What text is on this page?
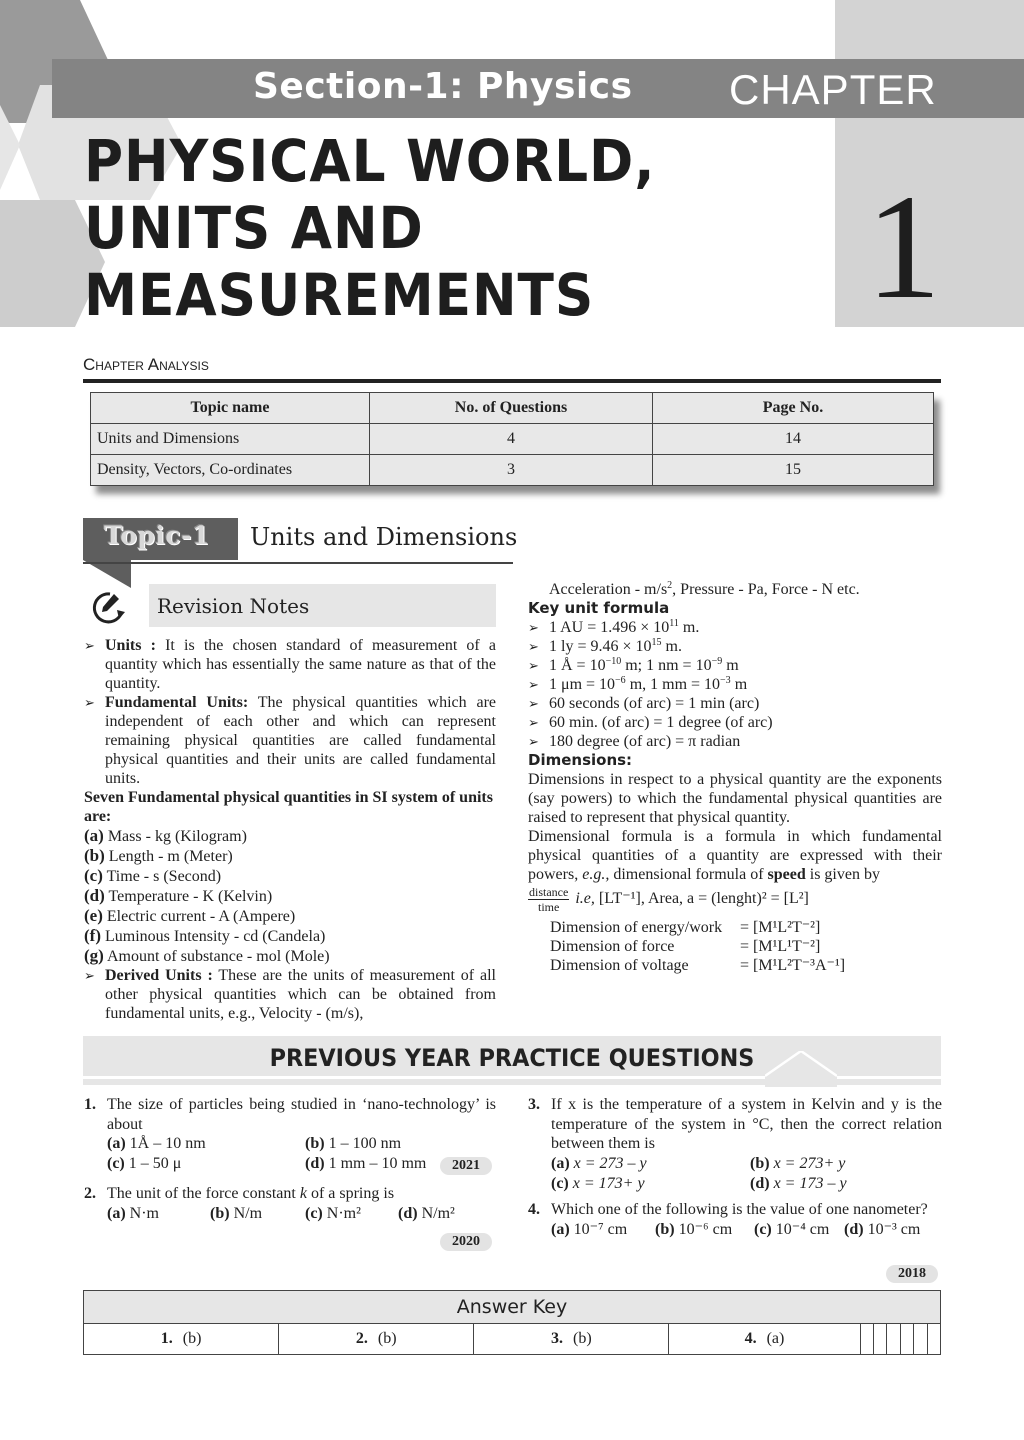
Section-1: Physics CHAPTER
1
PHYSICAL WORLD,
UNITS AND
MEASUREMENTS
Chapter Analysis
Topic name	No. of Questions	Page No.
Units and Dimensions	4	14
Density, Vectors, Co-ordinates	3	15
Topic-1 Units and Dimensions
Revision Notes
➢ Units : It is the chosen standard of measurement of a quantity which has essentially the same nature as that of the quantity.
➢ Fundamental Units: The physical quantities which are independent of each other and which can represent remaining physical quantities are called fundamental physical quantities and their units are called fundamental units.
Seven Fundamental physical quantities in SI system of units are:
(a) Mass - kg (Kilogram)
(b) Length - m (Meter)
(c) Time - s (Second)
(d) Temperature - K (Kelvin)
(e) Electric current - A (Ampere)
(f) Luminous Intensity - cd (Candela)
(g) Amount of substance - mol (Mole)
➢ Derived Units : These are the units of measurement of all other physical quantities which can be obtained from fundamental units, e.g., Velocity - (m/s),
Acceleration - $m/s^2$, Pressure - Pa, Force - N etc.
Key unit formula
➢ 1 AU = $1.496 \times 10^{11}$ m.
➢ 1 ly = $9.46 \times 10^{15}$ m.
➢ 1 Å = $10^{-10}$ m; 1 nm = $10^{-9}$ m
➢ 1 $\mu m = 10^{-6}$ m, 1 mm = $10^{-3}$ m
➢ 60 seconds (of arc) = 1 min (arc)
➢ 60 min. (of arc) = 1 degree (of arc)
➢ 180 degree (of arc) = π radian
Dimensions:
Dimensions in respect to a physical quantity are the exponents (say powers) to which the fundamental physical quantities are raised to represent that physical quantity.
Dimensional formula is a formula in which fundamental physical quantities of a quantity are expressed with their powers, e.g., dimensional formula of speed is given by
$\frac{\text{distance}}{\text{time}} i.e$, [LT⁻¹], Area, a = (lenght)² = [L²]
Dimension of energy/work = [M¹L²T⁻²]
Dimension of force	= [M¹L¹T⁻²]
Dimension of voltage	= [M¹L²T⁻³A⁻¹]
PREVIOUS YEAR PRACTICE QUESTIONS
1. The size of particles being studied in ‘nano-technology’ is about
(a) 1Å – 10 nm	(b) 1 – 100 nm
(c) 1 – 50 μ	(d) 1 mm – 10 mm	2021
2. The unit of the force constant k of a spring is
(a) N·m	(b) N/m	(c) N·m² (d) N/m²
2020
3. If x is the temperature of a system in Kelvin and y is the temperature of the system in °C, then the correct relation between them is
(a) x = 273 – y	(b) x = 273+ y
(c) x = 173+ y	(d) x = 173 – y
4. Which one of the following is the value of one nanometer?
(a) 10⁻⁷ cm (b) 10⁻⁶ cm (c) 10⁻⁴ cm (d) 10⁻³ cm
2018
Answer Key
1. (b)	2. (b)	3. (b)	4. (a)						
